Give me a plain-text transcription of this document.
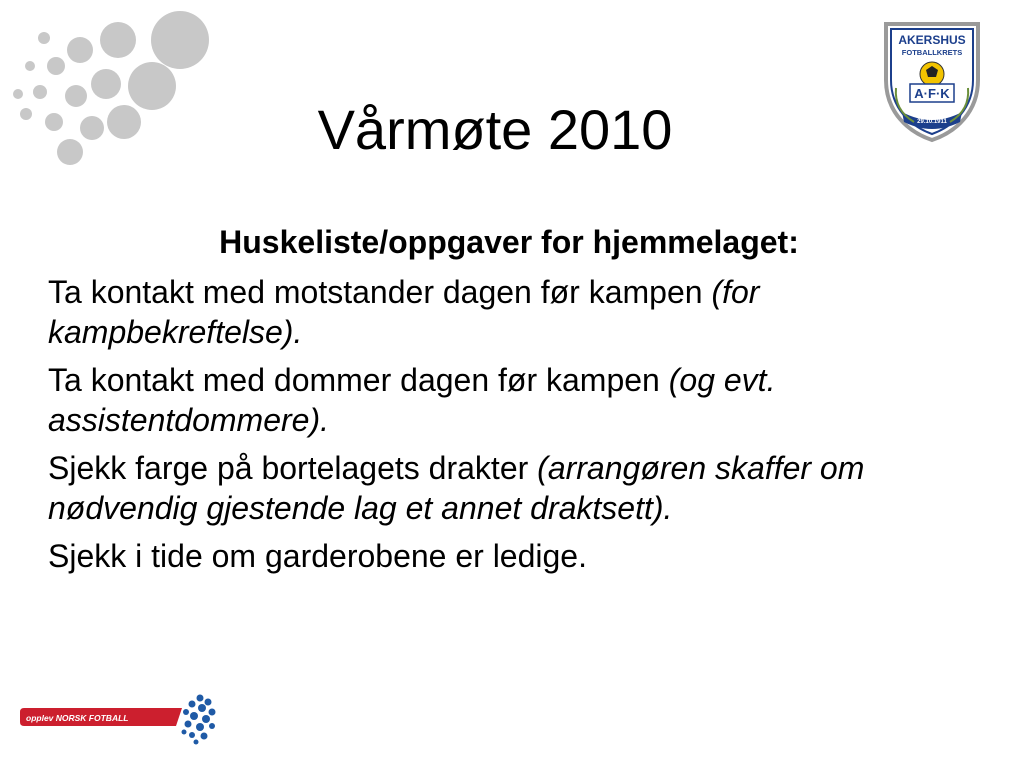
AKERSHUS
FOTBALLKRETS
A·F·K
29.10.1911
Vårmøte 2010
Huskeliste/oppgaver for hjemmelaget:

Ta kontakt med motstander dagen før kampen (for kampbekreftelse).

Ta kontakt med dommer dagen før kampen (og evt. assistentdommere).

Sjekk farge på bortelagets drakter (arrangøren skaffer om nødvendig gjestende lag et annet draktsett).

Sjekk i tide om garderobene er ledige.

opplev NORSK FOTBALL
